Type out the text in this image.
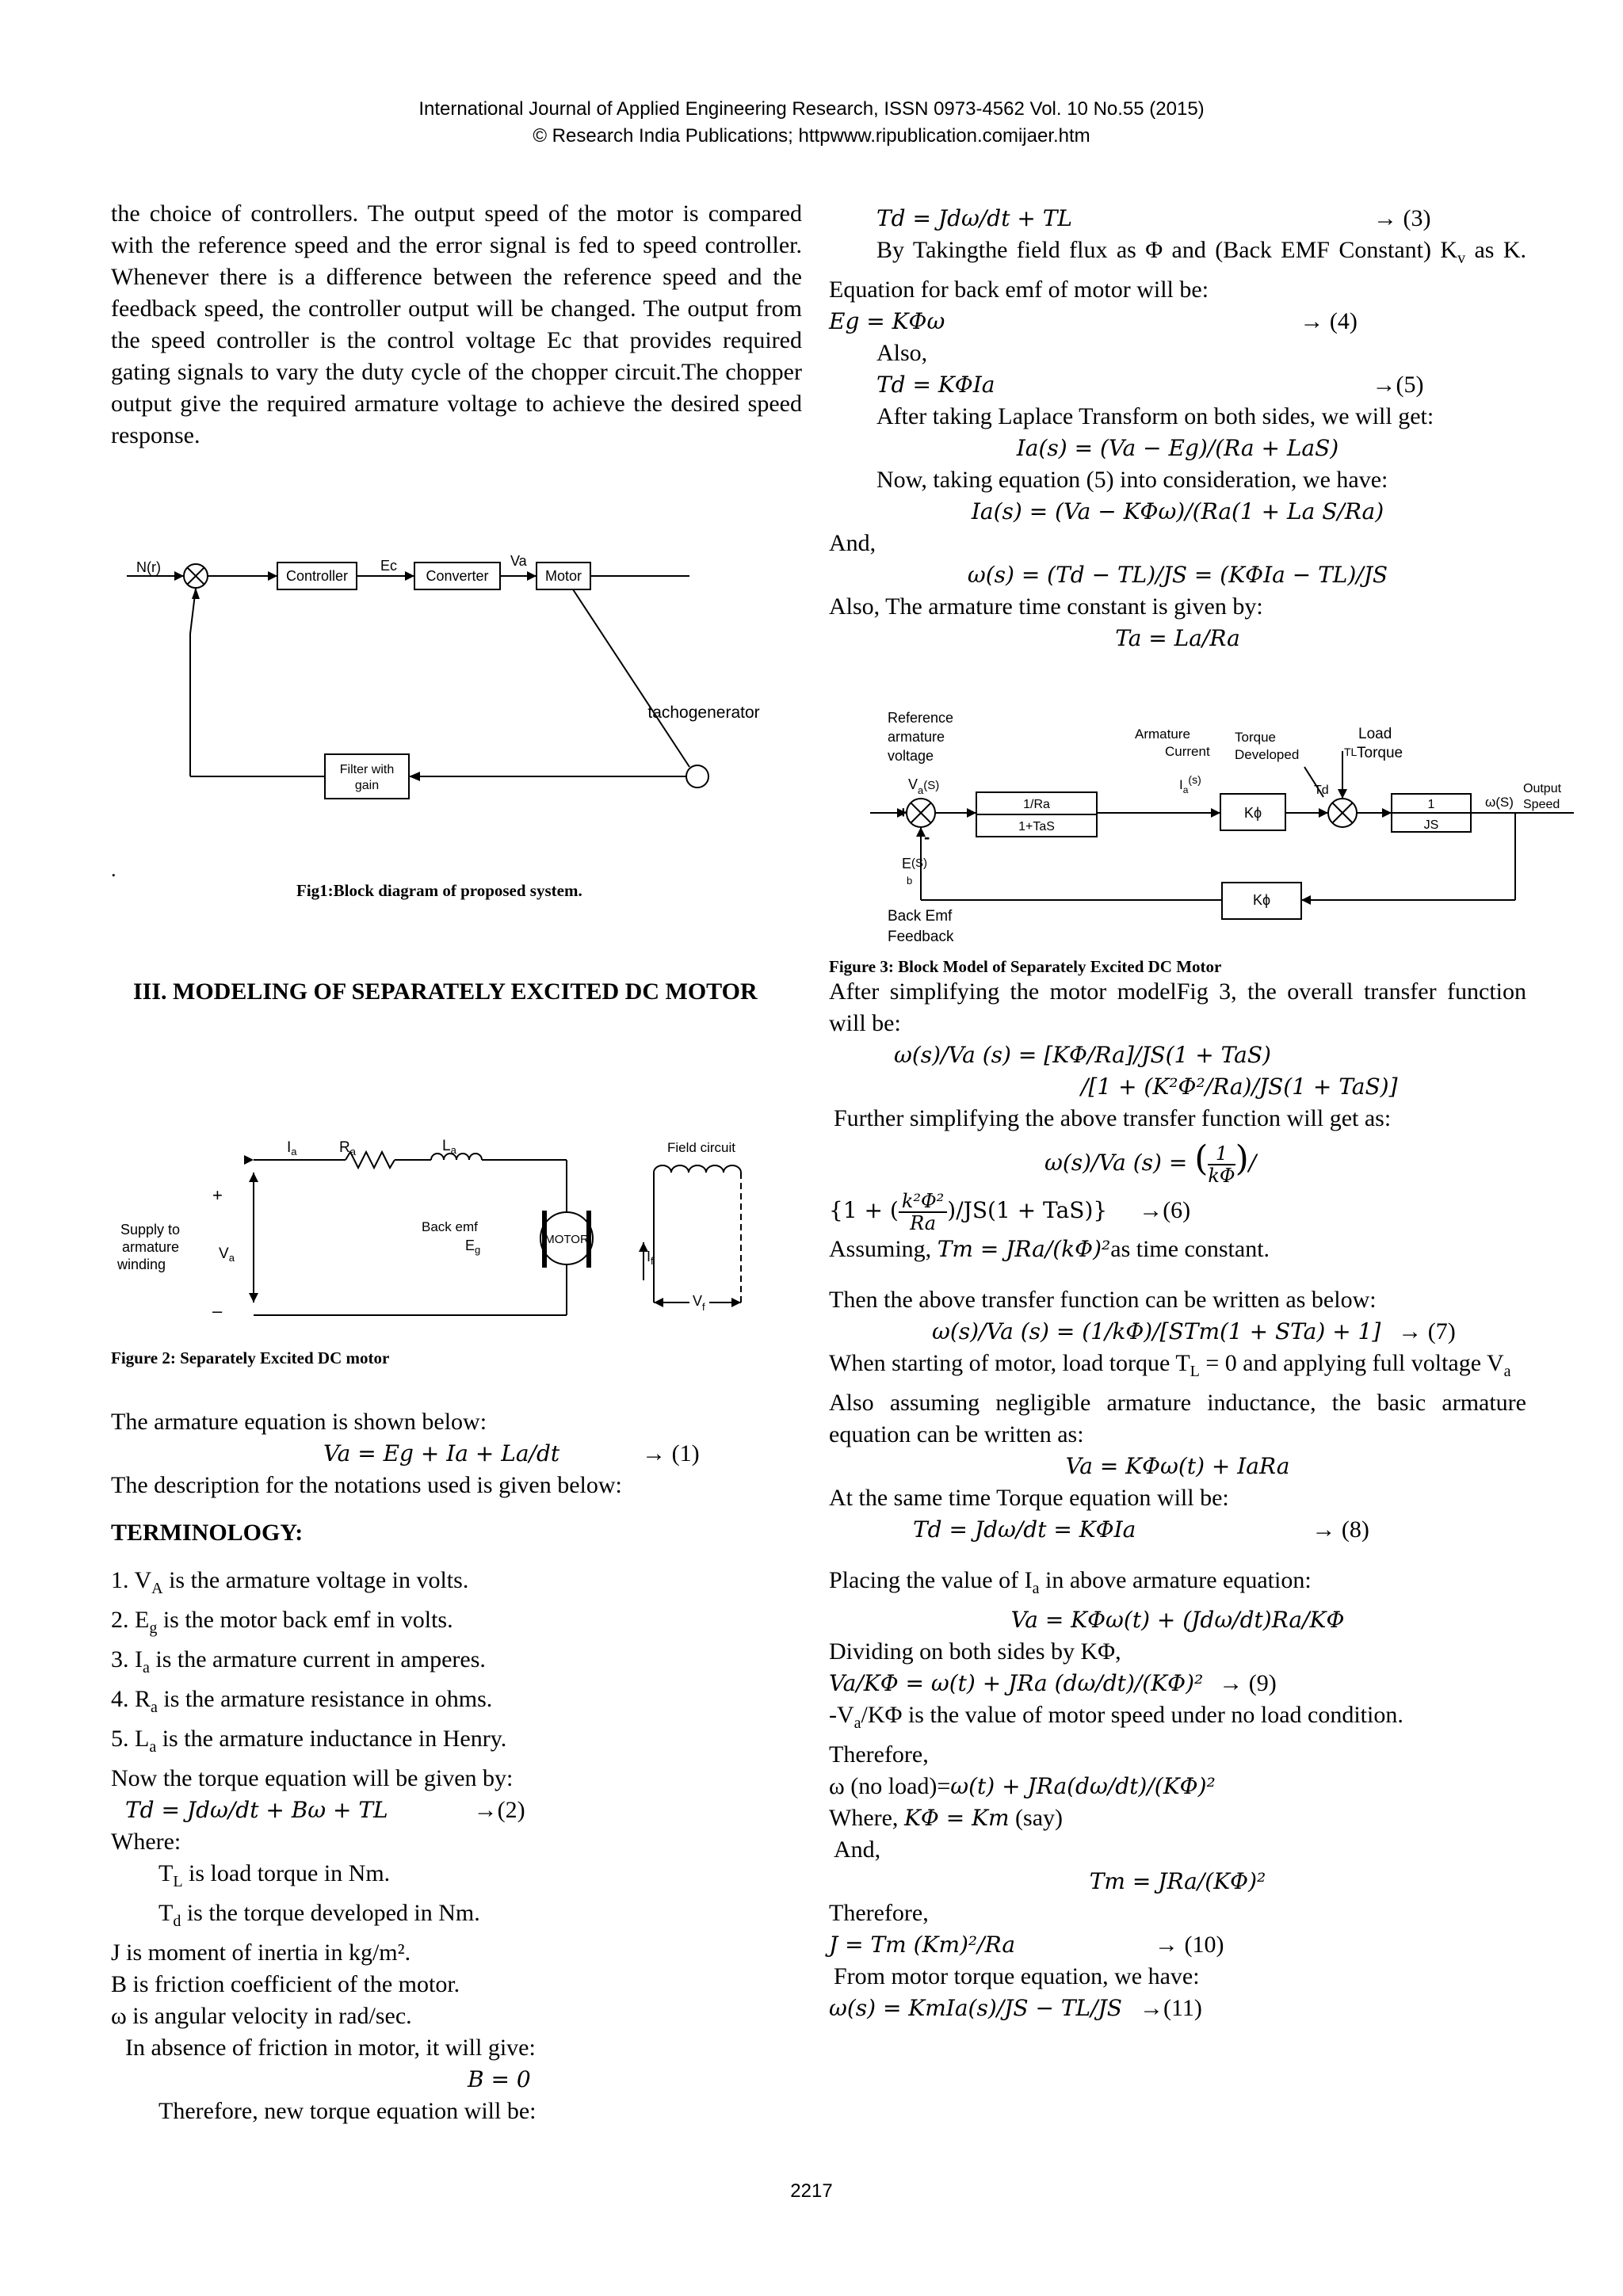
International Journal of Applied Engineering Research, ISSN 0973-4562 Vol. 10 No.55 (2015)
© Research India Publications; httpwww.ripublication.comijaer.htm
the choice of controllers. The output speed of the motor is compared with the reference speed and the error signal is fed to speed controller. Whenever there is a difference between the reference speed and the feedback speed, the controller output will be changed. The output from the speed controller is the control voltage Ec that provides required gating signals to vary the duty cycle of the chopper circuit.The chopper output give the required armature voltage to achieve the desired speed response.
N(r)
Controller
Ec
Converter
Va
Motor
tachogenerator
Filter with
gain
.
Fig1:Block diagram of proposed system.
III. MODELING OF SEPARATELY EXCITED DC MOTOR
$I_a$	$R_a$	$L_a$
+
–
Supply to
armature
winding
$V_a$
Back emf
$E_g$
MOTOR
Field circuit
$I_f$
$V_f$
Figure 2: Separately Excited DC motor

The armature equation is shown below:

Va = Eg + Ia + La/dt	→ (1)

The description for the notations used is given below:

TERMINOLOGY:

1. $V_A$ is the armature voltage in volts.

2. $E_g$ is the motor back emf in volts.

3. $I_a$ is the armature current in amperes.

4. $R_a$ is the armature resistance in ohms.

5. $L_a$ is the armature inductance in Henry.

Now the torque equation will be given by:

Td = Jdω/dt + Bω + TL	→(2)

Where:

$T_L$ is load torque in Nm.

$T_d$ is the torque developed in Nm.

J is moment of inertia in kg/m².

B is friction coefficient of the motor.

ω is angular velocity in rad/sec.

In absence of friction in motor, it will give:

B = 0

Therefore, new torque equation will be:

Td = Jdω/dt + TL	→ (3)

By Takingthe field flux as Φ and (Back EMF Constant) $K_v$ as K. Equation for back emf of motor will be:

Eg = KΦω	→ (4)

Also,

Td = KΦIa	→(5)

After taking Laplace Transform on both sides, we will get:

Ia(s) = (Va − Eg)/(Ra + LaS)

Now, taking equation (5) into consideration, we have:

Ia(s) = (Va − KΦω)/(Ra(1 + La S/Ra)

And,

ω(s) = (Td − TL)/JS = (KΦIa − TL)/JS

Also, The armature time constant is given by:

Ta = La/Ra

Reference
armature
voltage
$V_a^{(S)}$
+
-
Armature
Current
$I_a^{(s)}$
Torque
Developed
Td
Load
Torque
TL
1/Ra
1+TaS
Kϕ
1
JS
Kϕ
ω(S)
Output
Speed
E(S)
b
Back Emf
Feedback
Figure 3: Block Model of Separately Excited DC Motor

After simplifying the motor modelFig 3, the overall transfer function will be:

ω(s)/Va (s) = [KΦ/Ra]/JS(1 + TaS)

/[1 + (K²Φ²/Ra)/JS(1 + TaS)]

Further simplifying the above transfer function will get as:

ω(s)/Va (s) = ( $\frac{1}{k\Phi}$ )/

{1 + ( $\frac{\text{k²Φ²}}{Ra} )/JS(1 + TaS)\} \to(6)$

Assuming, Tm = JRa/(kΦ)²as time constant.

Then the above transfer function can be written as below:

ω(s)/Va (s) = (1/kΦ)/[STm(1 + STa) + 1] → (7)

When starting of motor, load torque $T_L = 0$ and applying full voltage $V_a$

Also assuming negligible armature inductance, the basic armature equation can be written as:

Va = KΦω(t) + IaRa

At the same time Torque equation will be:

Td = Jdω/dt = KΦIa	→ (8)

Placing the value of $I_a$ in above armature equation:

Va = KΦω(t) + (Jdω/dt)Ra/KΦ

Dividing on both sides by KΦ,

Va/KΦ = ω(t) + JRa (dω/dt)/(KΦ)² → (9)

$-V_a/K\Phi$ is the value of motor speed under no load condition.

Therefore,

ω (no load)=ω(t) + JRa(dω/dt)/(KΦ)²

Where, KΦ = Km (say)

And,

Tm = JRa/(KΦ)²

Therefore,

J = Tm (Km)²/Ra	→ (10)

From motor torque equation, we have:

ω(s) = KmIa(s)/JS − TL/JS →(11)

2217
